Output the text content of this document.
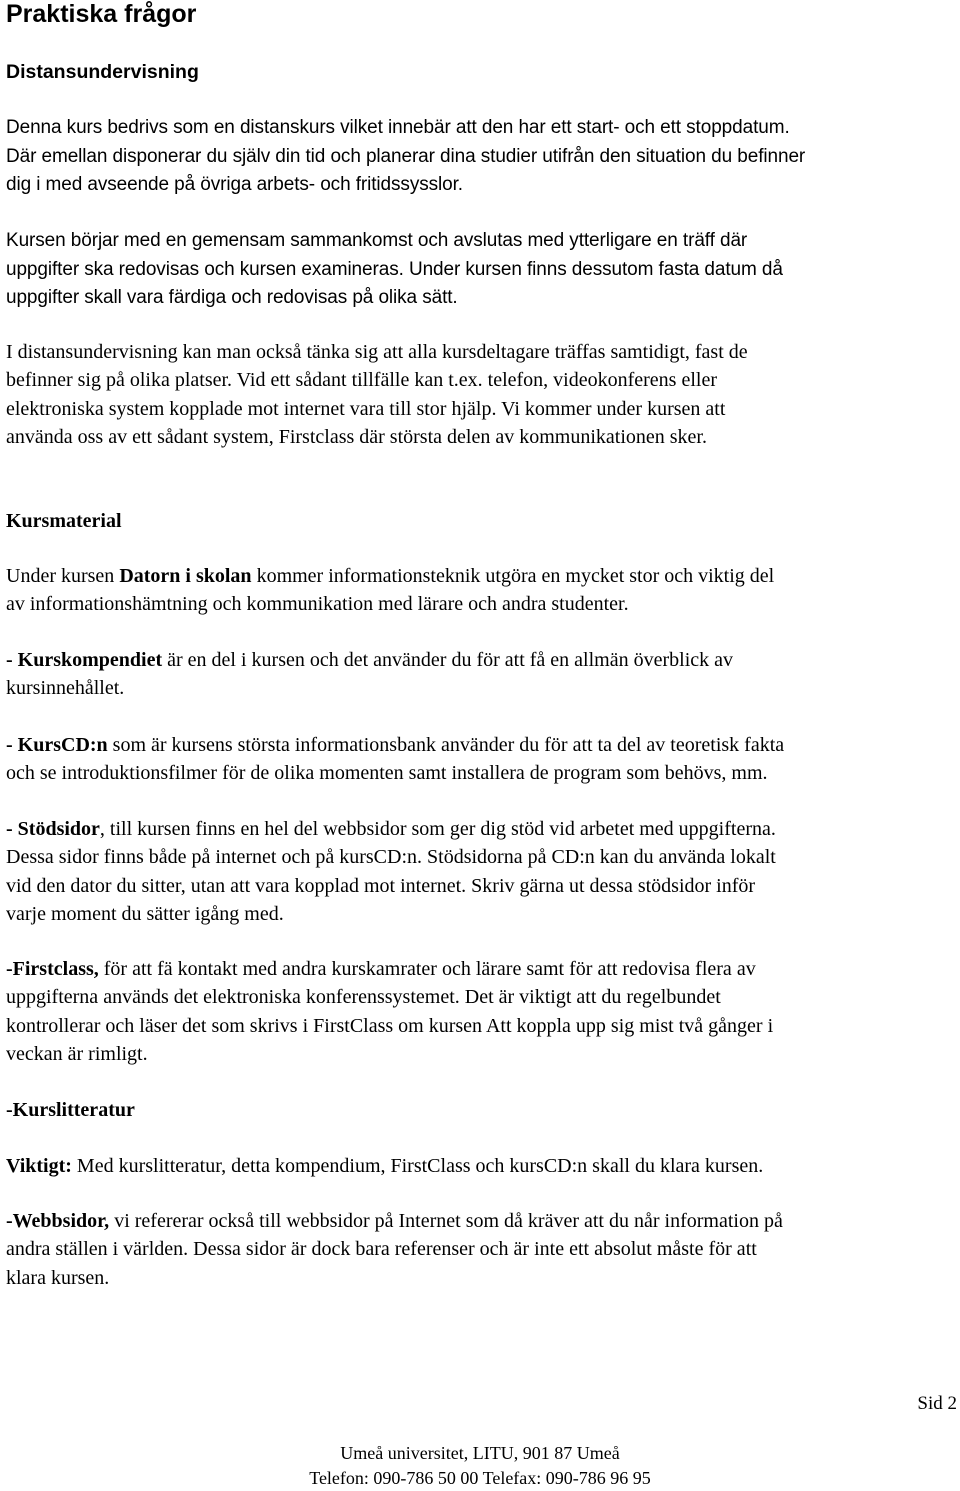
Praktiska frågor
Distansundervisning

Denna kurs bedrivs som en distanskurs vilket innebär att den har ett start- och ett stoppdatum.
Där emellan disponerar du själv din tid och planerar dina studier utifrån den situation du befinner
dig i med avseende på övriga arbets- och fritidssysslor.

Kursen börjar med en gemensam sammankomst och avslutas med ytterligare en träff där
uppgifter ska redovisas och kursen examineras. Under kursen finns dessutom fasta datum då
uppgifter skall vara färdiga och redovisas på olika sätt.

I distansundervisning kan man också tänka sig att alla kursdeltagare träffas samtidigt, fast de
befinner sig på olika platser. Vid ett sådant tillfälle kan t.ex. telefon, videokonferens eller
elektroniska system kopplade mot internet vara till stor hjälp. Vi kommer under kursen att
använda oss av ett sådant system, Firstclass där största delen av kommunikationen sker.

Kursmaterial

Under kursen Datorn i skolan kommer informationsteknik utgöra en mycket stor och viktig del
av informationshämtning och kommunikation med lärare och andra studenter.

- Kurskompendiet är en del i kursen och det använder du för att få en allmän överblick av
kursinnehållet.

- KursCD:n som är kursens största informationsbank använder du för att ta del av teoretisk fakta
och se introduktionsfilmer för de olika momenten samt installera de program som behövs, mm.

- Stödsidor, till kursen finns en hel del webbsidor som ger dig stöd vid arbetet med uppgifterna.
Dessa sidor finns både på internet och på kursCD:n. Stödsidorna på CD:n kan du använda lokalt
vid den dator du sitter, utan att vara kopplad mot internet. Skriv gärna ut dessa stödsidor inför
varje moment du sätter igång med.

-Firstclass, för att fä kontakt med andra kurskamrater och lärare samt för att redovisa flera av
uppgifterna används det elektroniska konferenssystemet. Det är viktigt att du regelbundet
kontrollerar och läser det som skrivs i FirstClass om kursen Att koppla upp sig mist två gånger i
veckan är rimligt.

-Kurslitteratur

Viktigt: Med kurslitteratur, detta kompendium, FirstClass och kursCD:n skall du klara kursen.

-Webbsidor, vi refererar också till webbsidor på Internet som då kräver att du når information på
andra ställen i världen. Dessa sidor är dock bara referenser och är inte ett absolut måste för att
klara kursen.

Sid 2
Umeå universitet, LITU, 901 87 Umeå
Telefon: 090-786 50 00 Telefax: 090-786 96 95
